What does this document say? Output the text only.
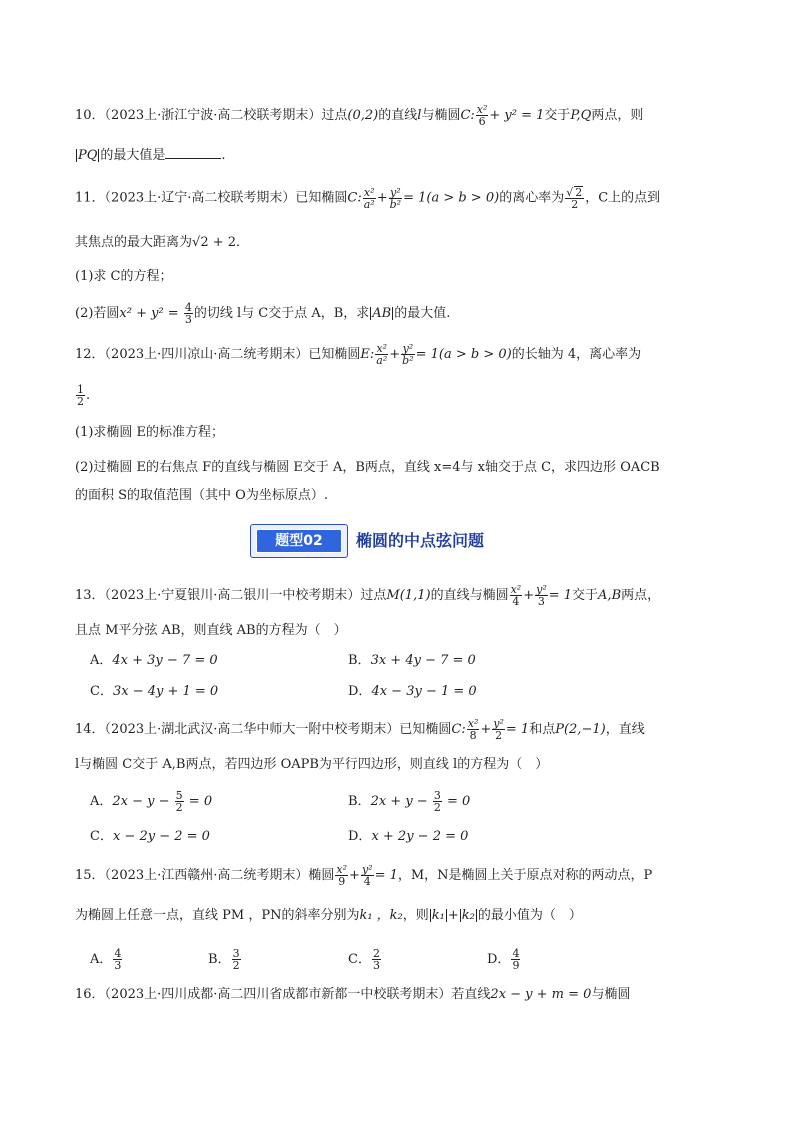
10．（2023上·浙江宁波·高二校联考期末）过点(0,2)的直线l与椭圆C: $\frac{\text{x²}}{6} + y^2 = 1$交于P,Q两点，则
PQ 的最大值是	.
11．（2023上·辽宁·高二校联考期末）已知椭圆C: $\frac{\text{x²}}{\text{a²}} + \frac{\text{y²}}{\text{b²}} = 1(a > b > 0)$的离心率为 $\frac{√ 2}{2}$ ，C上的点到
其焦点的最大距离为√2 + 2．
(1)求 C的方程；
(2)若圆$x^2 + y^2 = \frac{4}{3}$ 的切线 l与 C交于点 A，B，求 AB 的最大值.
12．（2023上·四川凉山·高二统考期末）已知椭圆E: $\frac{\text{x²}}{\text{a²}} + \frac{\text{y²}}{\text{b²}} = 1(a > b > 0)$的长轴为 4，离心率为
$\frac{1}{2}$ .
(1)求椭圆 E的标准方程；
(2)过椭圆 E的右焦点 F的直线与椭圆 E交于 A，B两点，直线 x=4与 x轴交于点 C，求四边形 OACB
的面积 S的取值范围（其中 O为坐标原点）.
题型02	椭圆的中点弦问题
13．（2023上·宁夏银川·高二银川一中校考期末）过点M(1,1)的直线与椭圆 $\frac{\text{x²}}{4} + \frac{\text{y²}}{3} = 1$交于A,B两点，
且点 M平分弦 AB，则直线 AB的方程为（　）
A．4x + 3y − 7 = 0	B．3x + 4y − 7 = 0
C．3x − 4y + 1 = 0	D．4x − 3y − 1 = 0
14．（2023上·湖北武汉·高二华中师大一附中校考期末）已知椭圆C: $\frac{\text{x²}}{8} + \frac{\text{y²}}{2} = 1$和点P(2,−1)，直线
l与椭圆 C交于 A,B两点，若四边形 OAPB为平行四边形，则直线 l的方程为（　）
A．$2x - y - \frac{5}{2} = 0$	B．$2x + y - \frac{3}{2} = 0$
C．x − 2y − 2 = 0	D．x + 2y − 2 = 0
15．（2023上·江西赣州·高二统考期末）椭圆 $\frac{\text{x²}}{9} + \frac{\text{y²}}{4} = 1$，M，N是椭圆上关于原点对称的两动点，P
为椭圆上任意一点，直线 PM ，PN的斜率分别为k₁ ，k₂，则 k₁ + k₂ 的最小值为（　）
A． $\frac{4}{3}$	B． $\frac{3}{2}$	C． $\frac{2}{3}$	D． $\frac{4}{9}$
16．（2023上·四川成都·高二四川省成都市新都一中校联考期末）若直线2x − y + m = 0与椭圆
